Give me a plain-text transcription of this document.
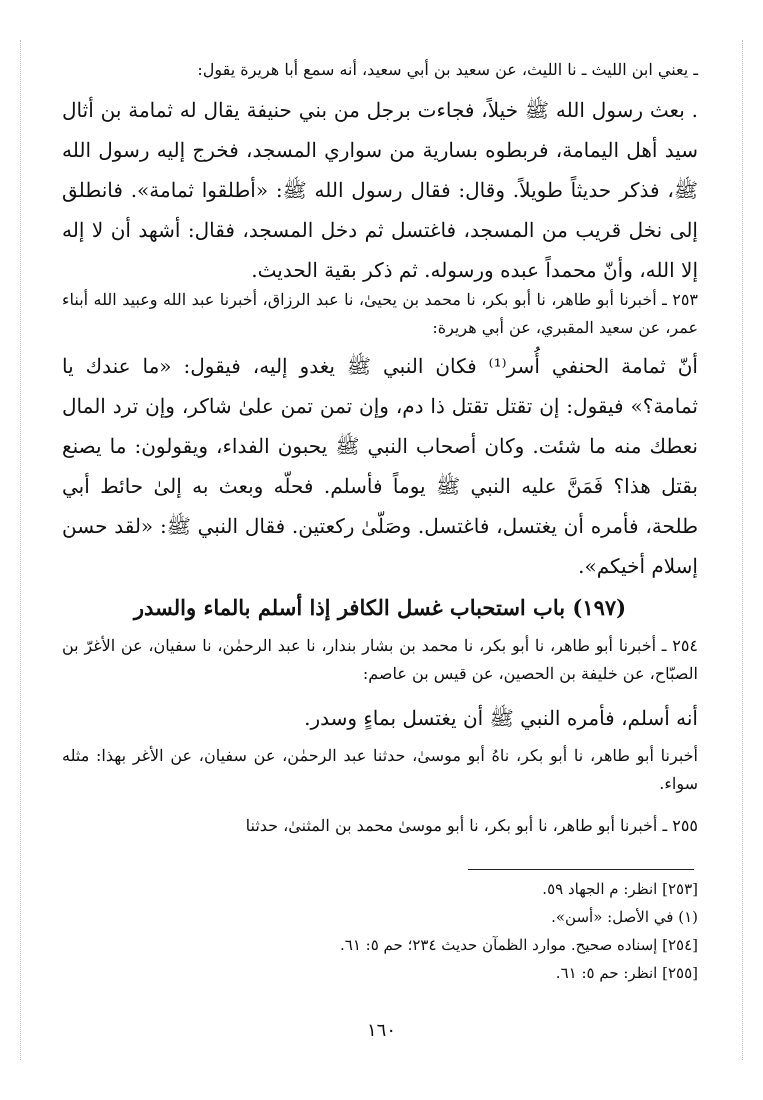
ـ يعني ابن الليث ـ نا الليث، عن سعيد بن أبي سعيد، أنه سمع أبا هريرة يقول:
. بعث رسول الله ﷺ خيلاً، فجاءت برجل من بني حنيفة يقال له ثمامة بن أثال سيد أهل اليمامة، فربطوه بسارية من سواري المسجد، فخرج إليه رسول الله ﷺ، فذكر حديثاً طويلاً. وقال: فقال رسول الله ﷺ: «أطلقوا ثمامة». فانطلق إلى نخل قريب من المسجد، فاغتسل ثم دخل المسجد، فقال: أشهد أن لا إله إلا الله، وأنّ محمداً عبده ورسوله. ثم ذكر بقية الحديث.
٢٥٣ ـ أخبرنا أبو طاهر، نا أبو بكر، نا محمد بن يحيىٰ، نا عبد الرزاق، أخبرنا عبد الله وعبيد الله أبناء عمر، عن سعيد المقبري، عن أبي هريرة:
أنّ ثمامة الحنفي أُسر⁽¹⁾ فكان النبي ﷺ يغدو إليه، فيقول: «ما عندك يا ثمامة؟» فيقول: إن تقتل تقتل ذا دم، وإن تمن تمن علىٰ شاكر، وإن ترد المال نعطك منه ما شئت. وكان أصحاب النبي ﷺ يحبون الفداء، ويقولون: ما يصنع بقتل هذا؟ فَمَنَّ عليه النبي ﷺ يوماً فأسلم. فحلّه وبعث به إلىٰ حائط أبي طلحة، فأمره أن يغتسل، فاغتسل. وصَلّىٰ ركعتين. فقال النبي ﷺ: «لقد حسن إسلام أخيكم».
(١٩٧) باب استحباب غسل الكافر إذا أسلم بالماء والسدر
٢٥٤ ـ أخبرنا أبو طاهر، نا أبو بكر، نا محمد بن بشار بندار، نا عبد الرحمٰن، نا سفيان، عن الأغرّ بن الصبّاح، عن خليفة بن الحصين، عن قيس بن عاصم:
أنه أسلم، فأمره النبي ﷺ أن يغتسل بماءٍ وسدر.
أخبرنا أبو طاهر، نا أبو بكر، ناهُ أبو موسىٰ، حدثنا عبد الرحمٰن، عن سفيان، عن الأغر بهذا: مثله سواء.
٢٥٥ ـ أخبرنا أبو طاهر، نا أبو بكر، نا أبو موسىٰ محمد بن المثنىٰ، حدثنا
[٢٥٣] انظر: م الجهاد ٥٩.
(١) في الأصل: «أسن».
[٢٥٤] إسناده صحيح. موارد الظمآن حديث ٢٣٤؛ حم ٥: ٦١.
[٢٥٥] انظر: حم ٥: ٦١.
١٦٠
